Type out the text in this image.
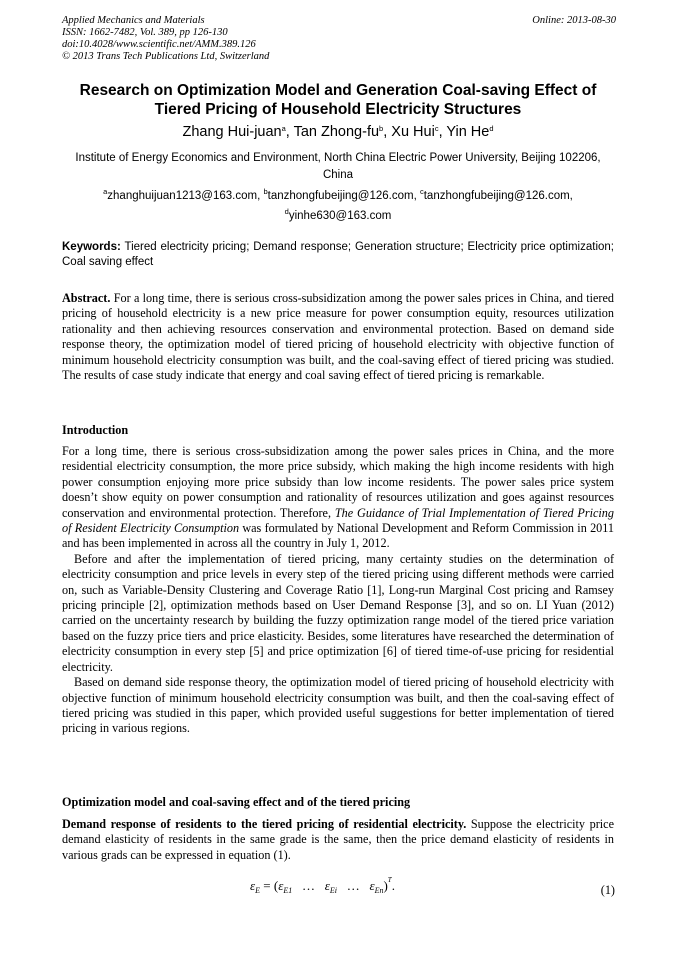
Applied Mechanics and Materials
ISSN: 1662-7482, Vol. 389, pp 126-130
doi:10.4028/www.scientific.net/AMM.389.126
© 2013 Trans Tech Publications Ltd, Switzerland
Online: 2013-08-30
Research on Optimization Model and Generation Coal-saving Effect of Tiered Pricing of Household Electricity Structures
Zhang Hui-juan$^a$, Tan Zhong-$fu^b$, Xu Hui$^c$, Yin He$^d$
Institute of Energy Economics and Environment, North China Electric Power University, Beijing 102206, China
$^a$zhanghuijuan1213@163.com, $^b$tanzhongfubeijing@126.com, $^c$tanzhongfubeijing@126.com,
$^d$yinhe630@163.com
Keywords: Tiered electricity pricing; Demand response; Generation structure; Electricity price optimization; Coal saving effect
Abstract. For a long time, there is serious cross-subsidization among the power sales prices in China, and tiered pricing of household electricity is a new price measure for power consumption equity, resources utilization rationality and then achieving resources conservation and environmental protection. Based on demand side response theory, the optimization model of tiered pricing of household electricity with objective function of minimum household electricity consumption was built, and the coal-saving effect of tiered pricing was studied. The results of case study indicate that energy and coal saving effect of tiered pricing is remarkable.
Introduction

For a long time, there is serious cross-subsidization among the power sales prices in China, and the more residential electricity consumption, the more price subsidy, which making the high income residents with high power consumption enjoying more price subsidy than low income residents. The power sales price system doesn’t show equity on power consumption and rationality of resources utilization and goes against resources conservation and environmental protection. Therefore, The Guidance of Trial Implementation of Tiered Pricing of Resident Electricity Consumption was formulated by National Development and Reform Commission in 2011 and has been implemented in across all the country in July 1, 2012.

Before and after the implementation of tiered pricing, many certainty studies on the determination of electricity consumption and price levels in every step of the tiered pricing using different methods were carried on, such as Variable-Density Clustering and Coverage Ratio [1], Long-run Marginal Cost pricing and Ramsey pricing principle [2], optimization methods based on User Demand Response [3], and so on. LI Yuan (2012) carried on the uncertainty research by building the fuzzy optimization range model of the tiered price variation based on the fuzzy price tiers and price elasticity. Besides, some literatures have researched the determination of electricity consumption in every step [5] and price optimization [6] of tiered time-of-use pricing for residential electricity.

Based on demand side response theory, the optimization model of tiered pricing of household electricity with objective function of minimum household electricity consumption was built, and then the coal-saving effect of tiered pricing was studied in this paper, which provided useful suggestions for better implementation of tiered pricing in various regions.

Optimization model and coal-saving effect and of the tiered pricing
Demand response of residents to the tiered pricing of residential electricity. Suppose the electricity price demand elasticity of residents in the same grade is the same, then the price demand elasticity of residents in various grads can be expressed in equation (1).
$\varepsilon_E = (\varepsilon_{E1}$ … $\varepsilon_{Ei}$ … $\varepsilon_{En})^T$.	(1)
